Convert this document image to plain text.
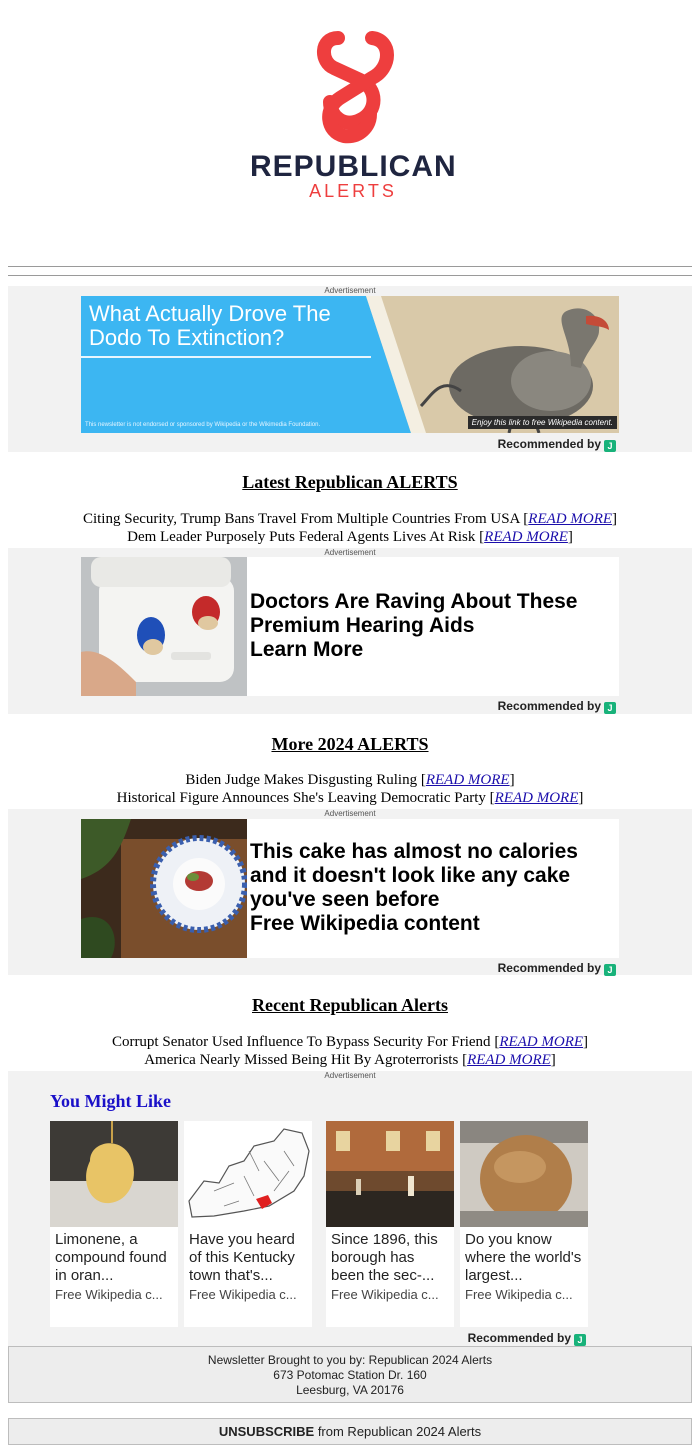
REPUBLICAN
ALERTS
Advertisement
What Actually Drove The Dodo To Extinction?
This newsletter is not endorsed or sponsored by Wikipedia or the Wikimedia Foundation.	Enjoy this link to free Wikipedia content.
Recommended by J
Latest Republican ALERTS
Citing Security, Trump Bans Travel From Multiple Countries From USA [READ MORE]
Dem Leader Purposely Puts Federal Agents Lives At Risk [READ MORE]
Advertisement
Doctors Are Raving About These
Premium Hearing Aids
Learn More
Recommended by J
More 2024 ALERTS
Biden Judge Makes Disgusting Ruling [READ MORE]
Historical Figure Announces She's Leaving Democratic Party [READ MORE]
Advertisement
This cake has almost no calories
and it doesn't look like any cake
you've seen before
Free Wikipedia content
Recommended by J
Recent Republican Alerts
Corrupt Senator Used Influence To Bypass Security For Friend [READ MORE]
America Nearly Missed Being Hit By Agroterrorists [READ MORE]
Advertisement
You Might Like
Limonene, a compound found in oran...
Free Wikipedia c...
Have you heard of this Kentucky town that's...
Free Wikipedia c...
Since 1896, this borough has been the sec-...
Free Wikipedia c...
Do you know where the world's largest...
Free Wikipedia c...
Recommended by J
Newsletter Brought to you by: Republican 2024 Alerts
673 Potomac Station Dr. 160
Leesburg, VA 20176
UNSUBSCRIBE from Republican 2024 Alerts
